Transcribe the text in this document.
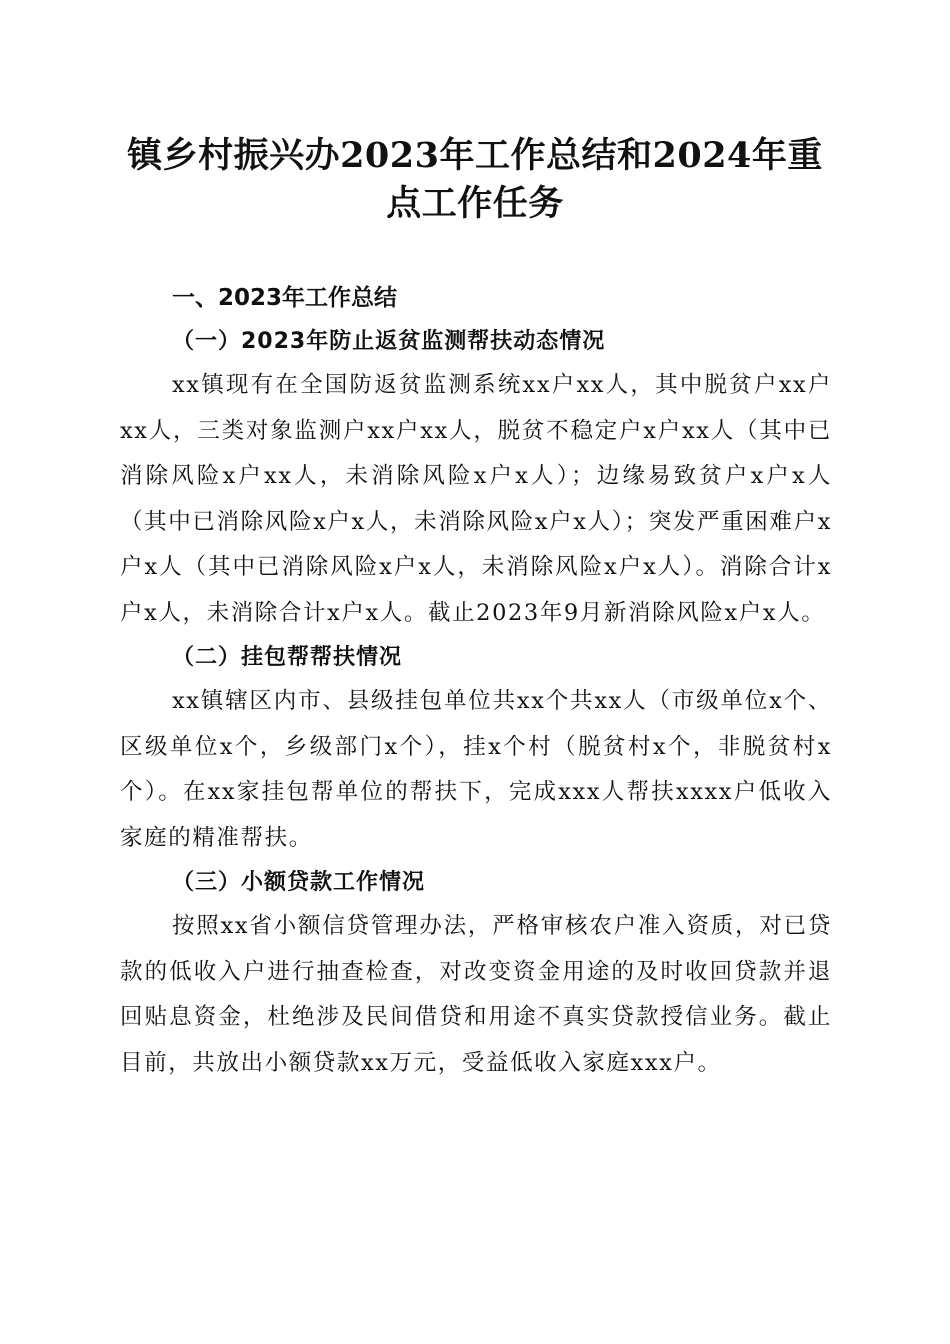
镇乡村振兴办2023年工作总结和2024年重点工作任务
一、2023年工作总结
（一）2023年防止返贫监测帮扶动态情况

xx镇现有在全国防返贫监测系统xx户xx人，其中脱贫户xx户xx人，三类对象监测户xx户xx人，脱贫不稳定户x户xx人（其中已消除风险x户xx人，未消除风险x户x人）；边缘易致贫户x户x人（其中已消除风险x户x人，未消除风险x户x人）；突发严重困难户x户x人（其中已消除风险x户x人，未消除风险x户x人）。消除合计x户x人，未消除合计x户x人。截止2023年9月新消除风险x户x人。

（二）挂包帮帮扶情况

xx镇辖区内市、县级挂包单位共xx个共xx人（市级单位x个、区级单位x个，乡级部门x个），挂x个村（脱贫村x个，非脱贫村x个）。在xx家挂包帮单位的帮扶下，完成xxx人帮扶xxxx户低收入家庭的精准帮扶。

（三）小额贷款工作情况

按照xx省小额信贷管理办法，严格审核农户准入资质，对已贷款的低收入户进行抽查检查，对改变资金用途的及时收回贷款并退回贴息资金，杜绝涉及民间借贷和用途不真实贷款授信业务。截止目前，共放出小额贷款xx万元，受益低收入家庭xxx户。
